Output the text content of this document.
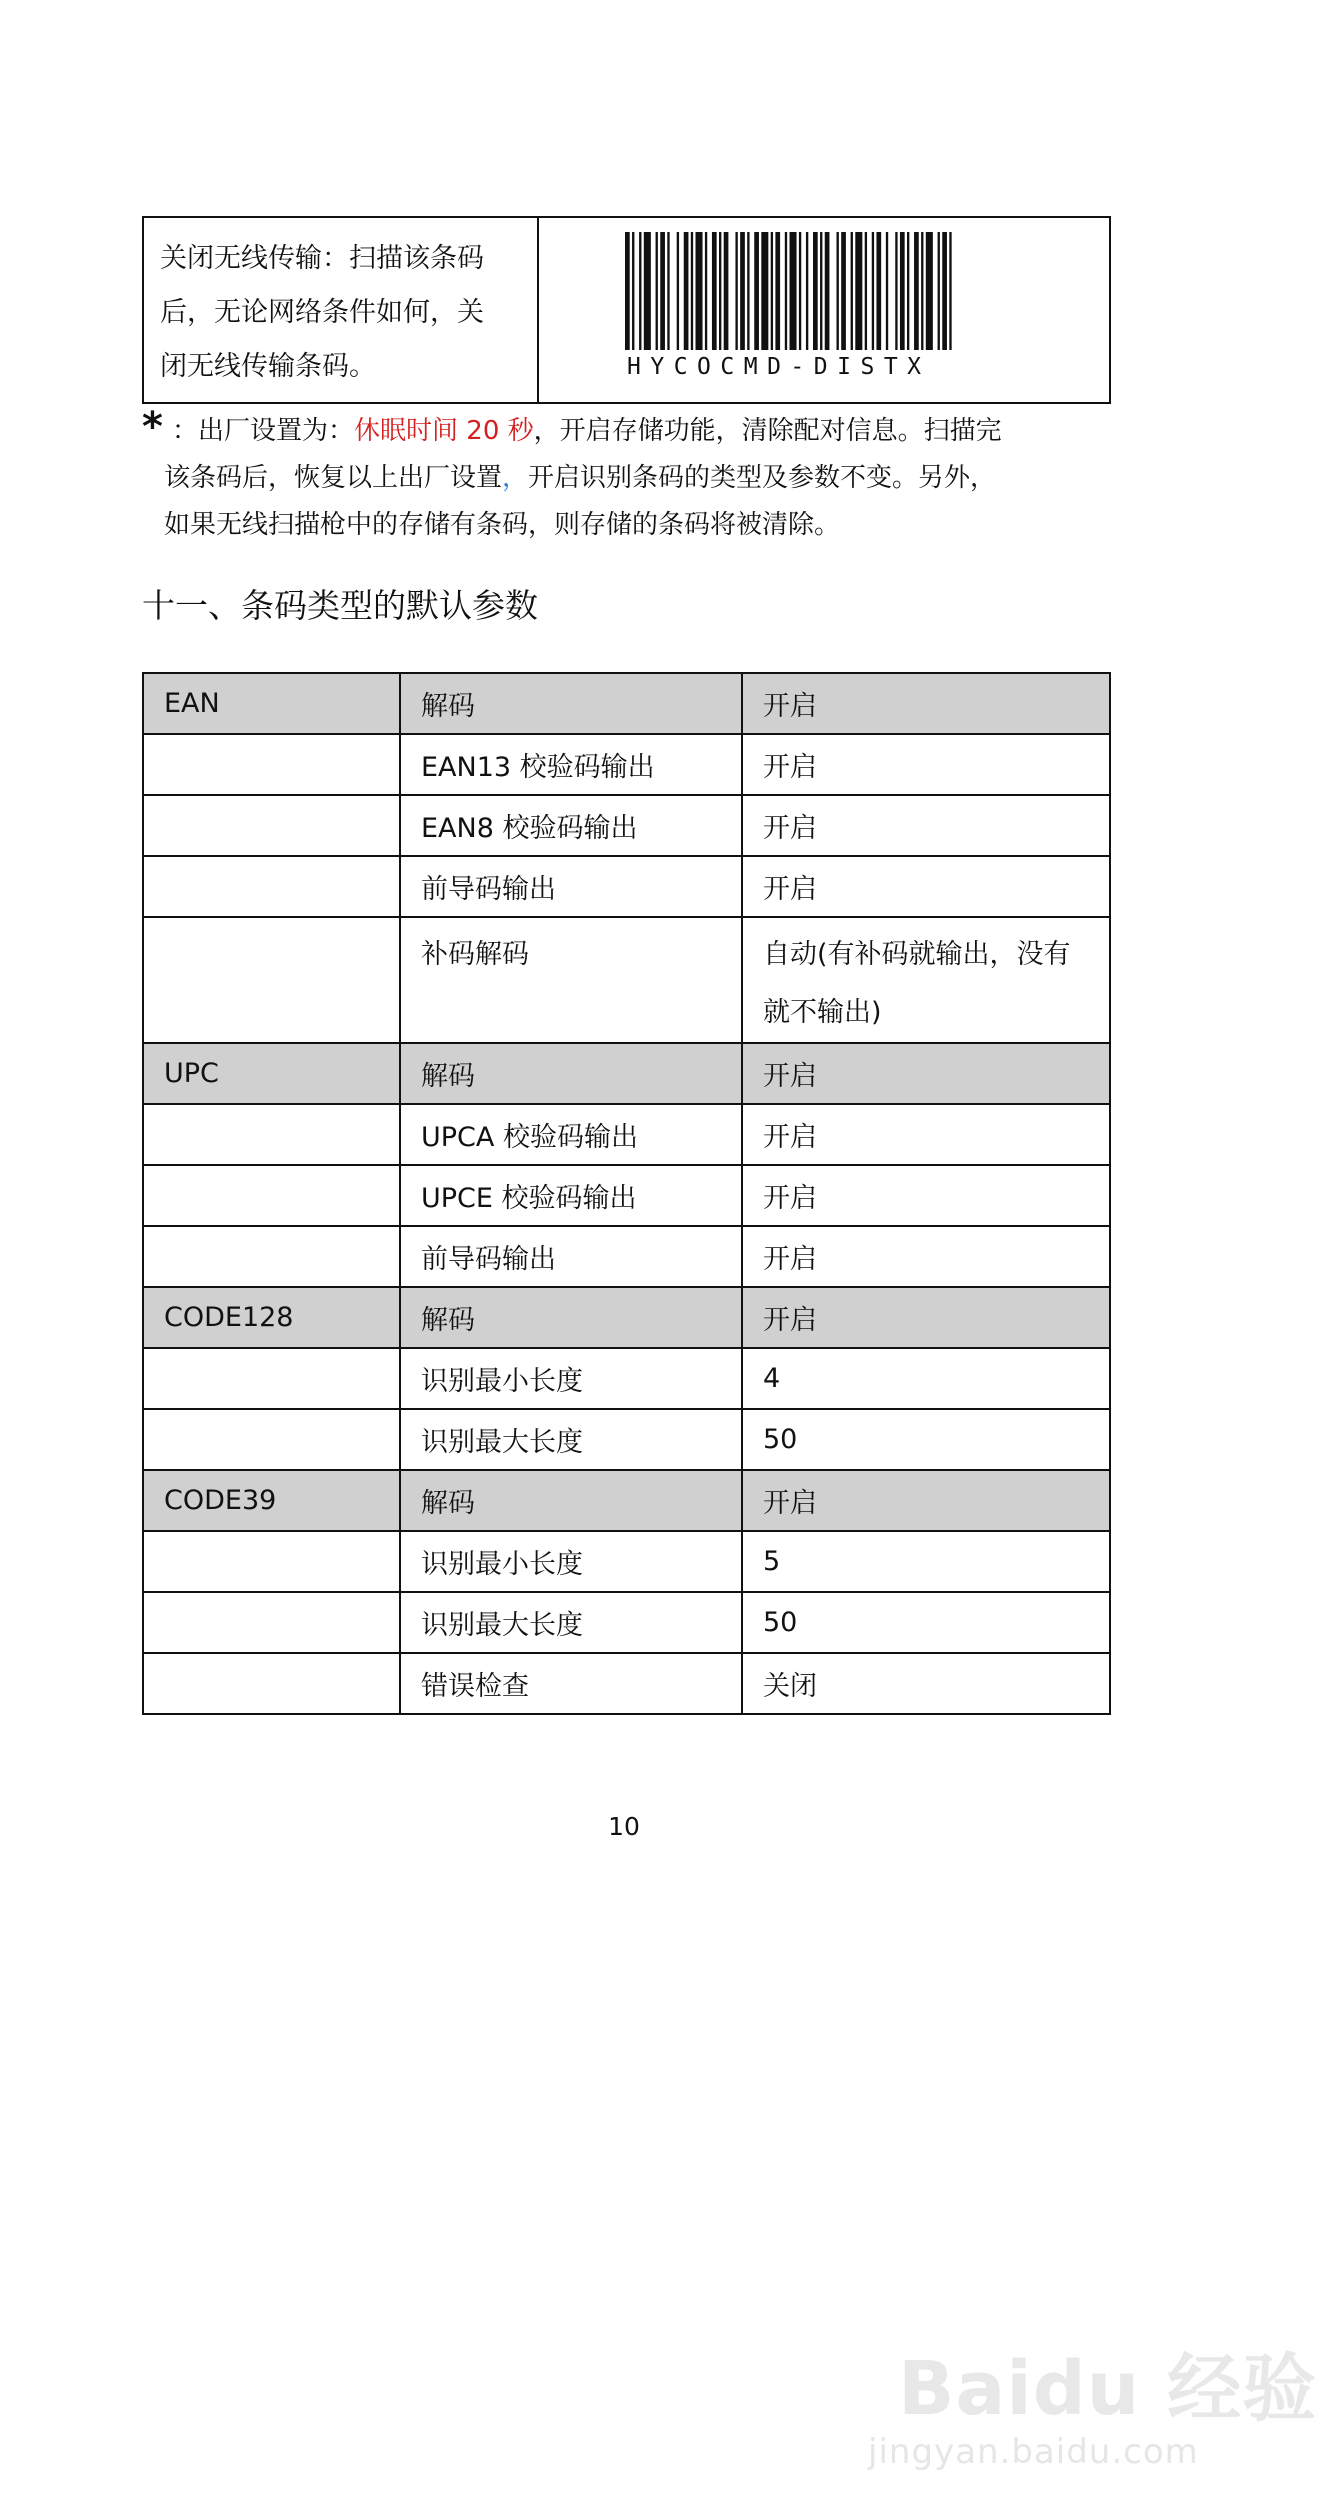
关闭无线传输：扫描该条码
后，无论网络条件如何，关
闭无线传输条码。	HYCOCMD-DISTX
* ：出厂设置为：休眠时间 20 秒，开启存储功能，清除配对信息。扫描完
该条码后，恢复以上出厂设置，开启识别条码的类型及参数不变。另外，
如果无线扫描枪中的存储有条码，则存储的条码将被清除。
十一、条码类型的默认参数
EAN	解码	开启
	EAN13 校验码输出	开启
	EAN8 校验码输出	开启
	前导码输出	开启
	补码解码	自动(有补码就输出，没有
就不输出)

UPC	解码	开启
	UPCA 校验码输出	开启
	UPCE 校验码输出	开启
	前导码输出	开启
CODE128	解码	开启
	识别最小长度	4
	识别最大长度	50
CODE39	解码	开启
	识别最小长度	5
	识别最大长度	50
	错误检查	关闭
10
Baidu 经验
jingyan.baidu.com
